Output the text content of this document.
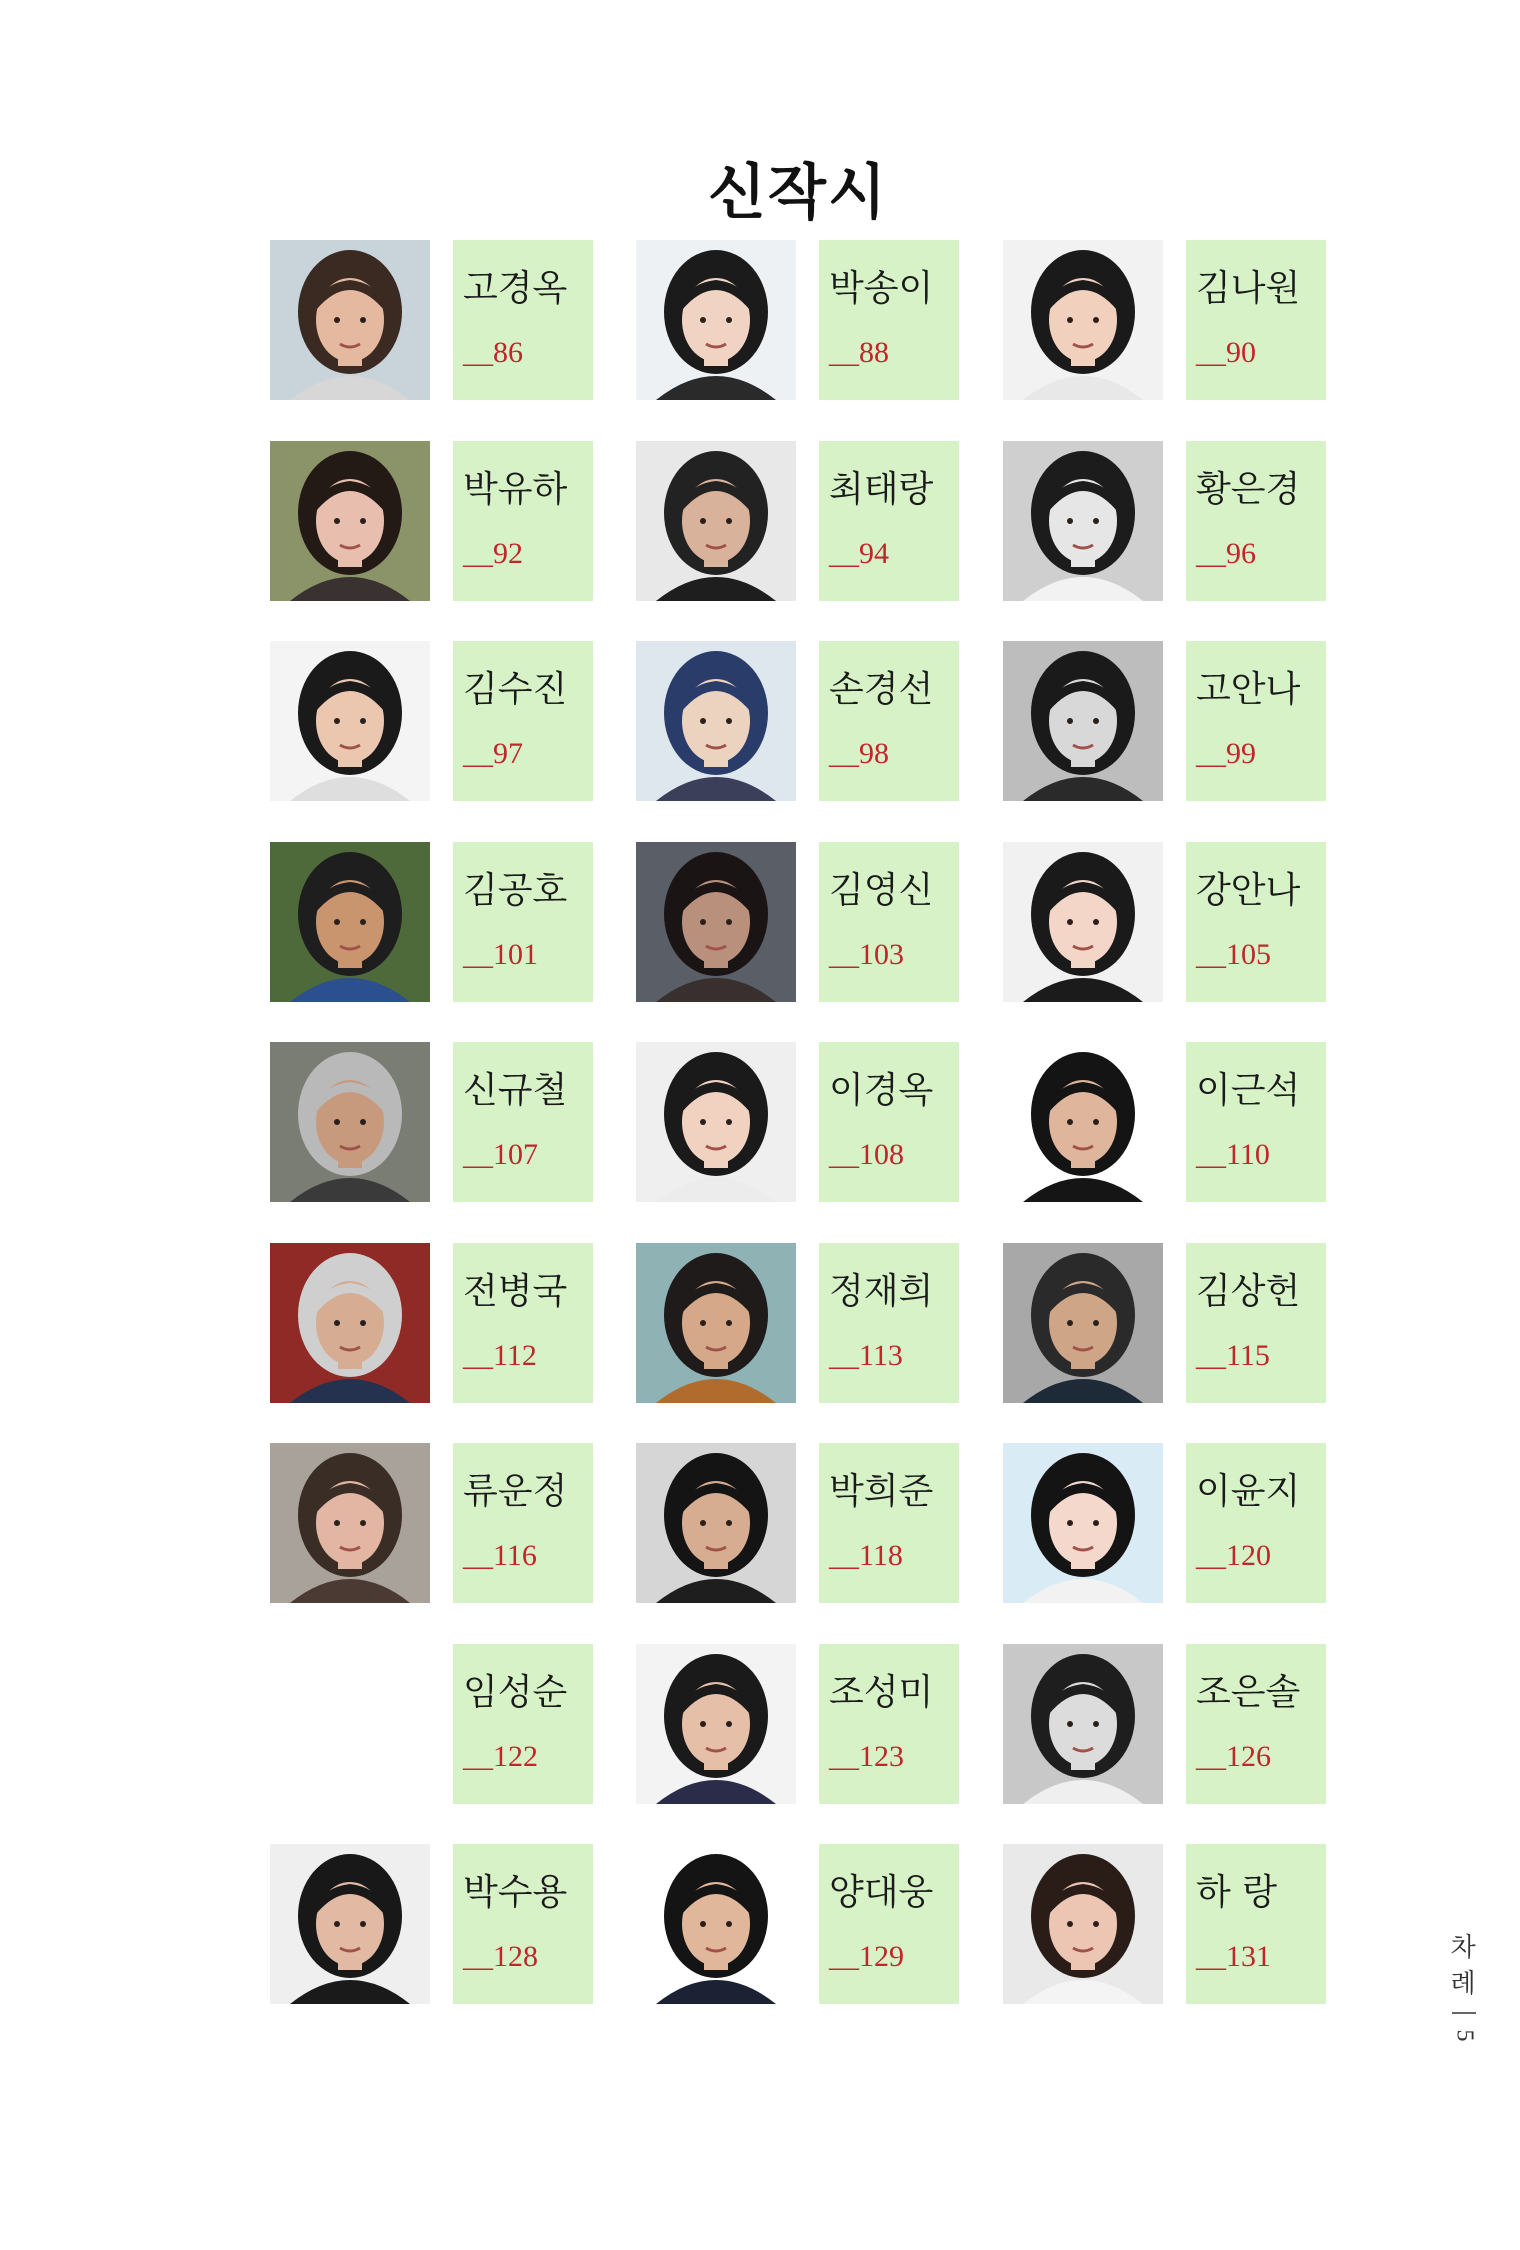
신작시
고경옥
__86
박송이
__88
김나원
__90
박유하
__92
최태랑
__94
황은경
__96
김수진
__97
손경선
__98
고안나
__99
김공호
__101
김영신
__103
강안나
__105
신규철
__107
이경옥
__108
이근석
__110
전병국
__112
정재희
__113
김상헌
__115
류운정
__116
박희준
__118
이윤지
__120
임성순
__122
조성미
__123
조은솔
__126
박수용
__128
양대웅
__129
하 랑
__131	차례
5
